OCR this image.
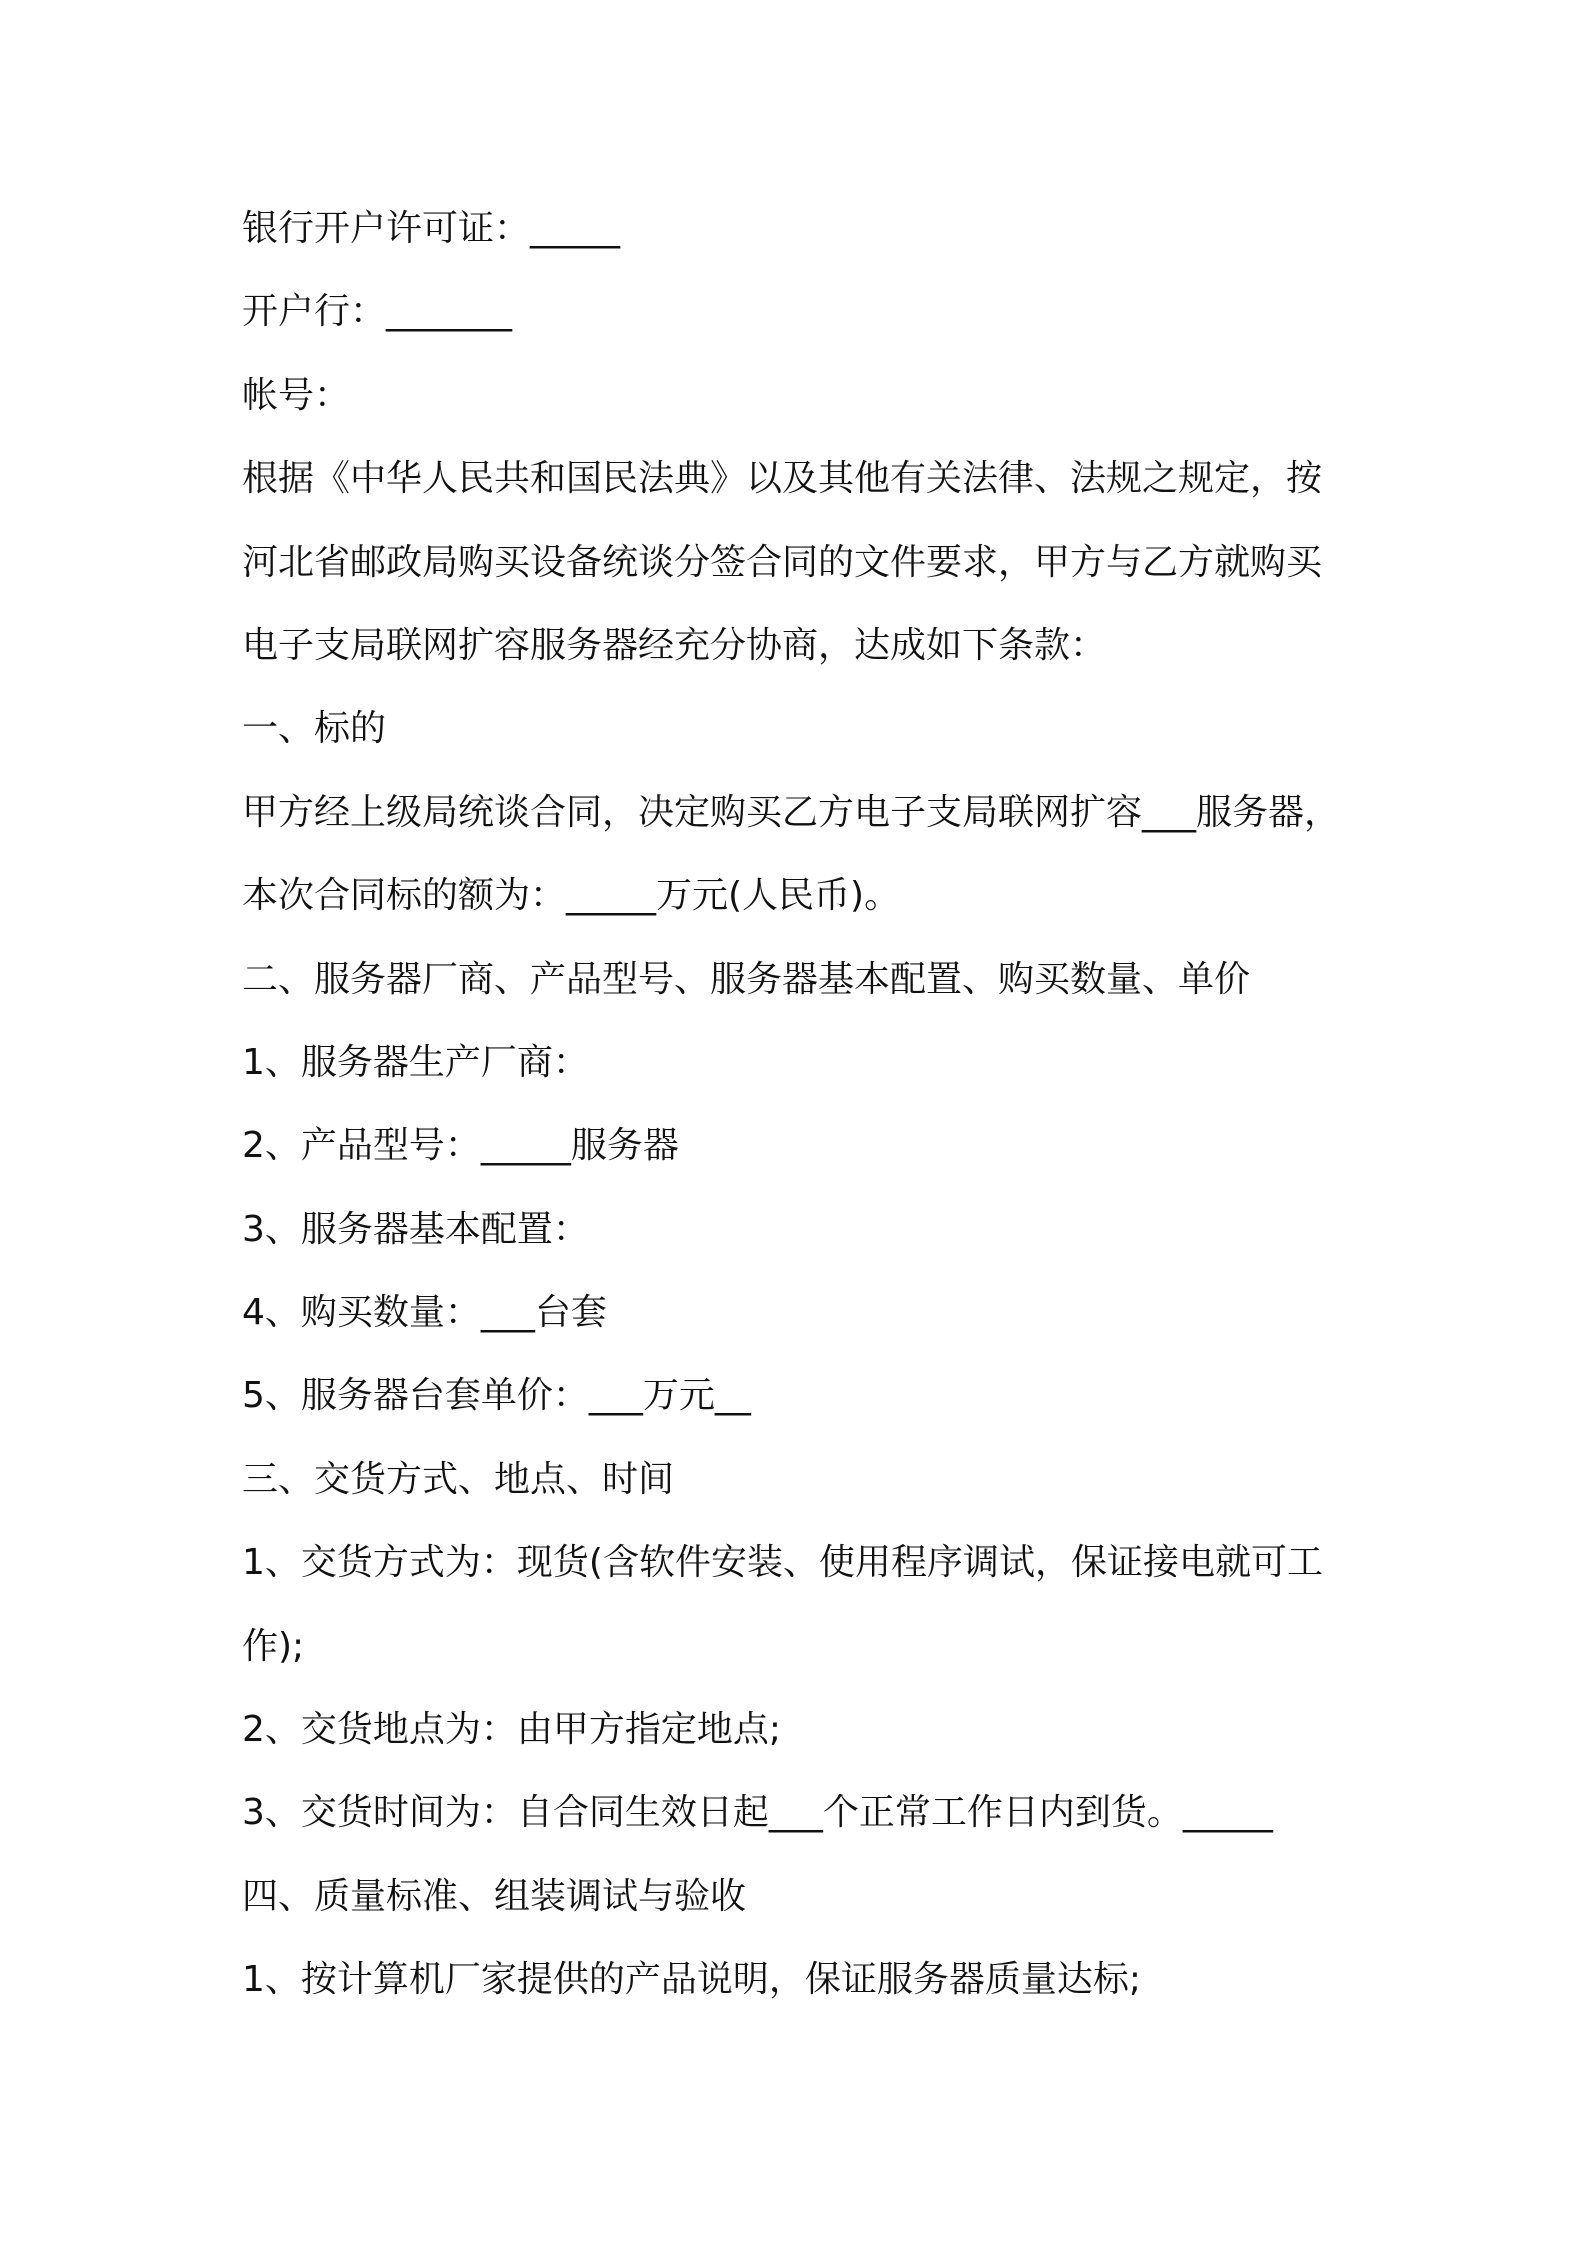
银行开户许可证：_____
开户行：_______
帐号：
根据《中华人民共和国民法典》以及其他有关法律、法规之规定，按
河北省邮政局购买设备统谈分签合同的文件要求，甲方与乙方就购买
电子支局联网扩容服务器经充分协商，达成如下条款：
一、标的
甲方经上级局统谈合同，决定购买乙方电子支局联网扩容___服务器，
本次合同标的额为：_____万元(人民币)。
二、服务器厂商、产品型号、服务器基本配置、购买数量、单价
1、服务器生产厂商：
2、产品型号：_____服务器
3、服务器基本配置：
4、购买数量：___台套
5、服务器台套单价：___万元__
三、交货方式、地点、时间
1、交货方式为：现货(含软件安装、使用程序调试，保证接电就可工
作);
2、交货地点为：由甲方指定地点;
3、交货时间为：自合同生效日起___个正常工作日内到货。_____
四、质量标准、组装调试与验收
1、按计算机厂家提供的产品说明，保证服务器质量达标;
